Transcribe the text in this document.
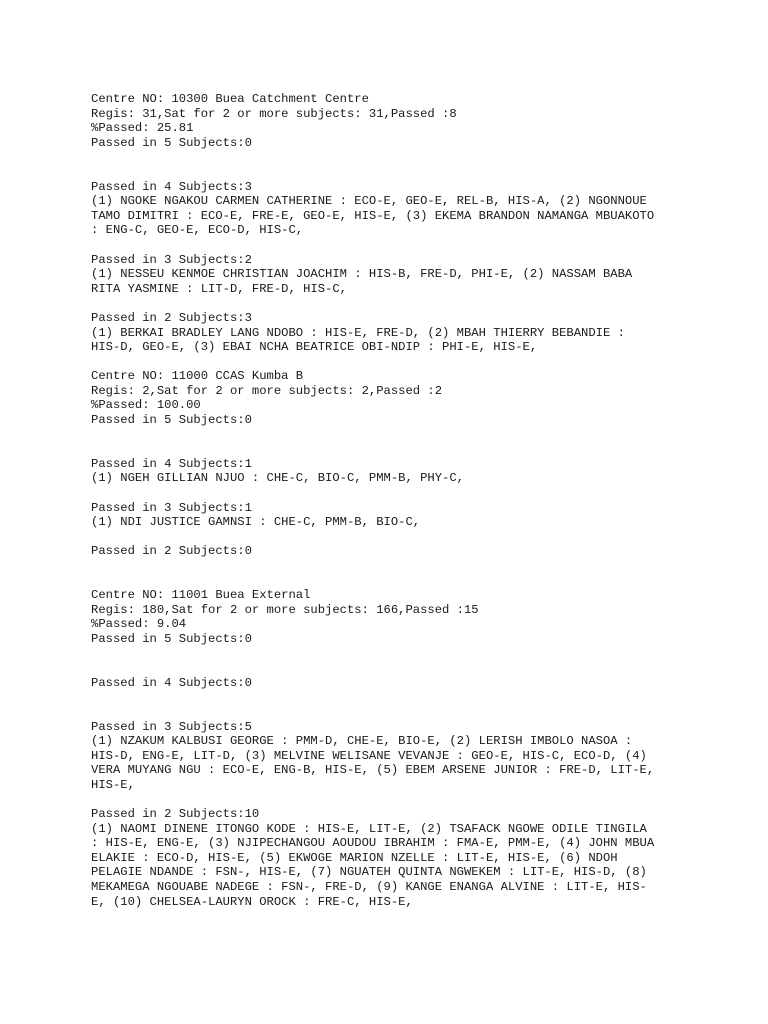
Centre NO: 10300 Buea Catchment Centre
Regis: 31,Sat for 2 or more subjects: 31,Passed :8
%Passed: 25.81
Passed in 5 Subjects:0
Passed in 4 Subjects:3
(1) NGOKE NGAKOU CARMEN CATHERINE : ECO-E, GEO-E, REL-B, HIS-A, (2) NGONNOUE
TAMO DIMITRI : ECO-E, FRE-E, GEO-E, HIS-E, (3) EKEMA BRANDON NAMANGA MBUAKOTO
: ENG-C, GEO-E, ECO-D, HIS-C,
Passed in 3 Subjects:2
(1) NESSEU KENMOE CHRISTIAN JOACHIM : HIS-B, FRE-D, PHI-E, (2) NASSAM BABA
RITA YASMINE : LIT-D, FRE-D, HIS-C,
Passed in 2 Subjects:3
(1) BERKAI BRADLEY LANG NDOBO : HIS-E, FRE-D, (2) MBAH THIERRY BEBANDIE :
HIS-D, GEO-E, (3) EBAI NCHA BEATRICE OBI-NDIP : PHI-E, HIS-E,
Centre NO: 11000 CCAS Kumba B
Regis: 2,Sat for 2 or more subjects: 2,Passed :2
%Passed: 100.00
Passed in 5 Subjects:0
Passed in 4 Subjects:1
(1) NGEH GILLIAN NJUO : CHE-C, BIO-C, PMM-B, PHY-C,
Passed in 3 Subjects:1
(1) NDI JUSTICE GAMNSI : CHE-C, PMM-B, BIO-C,
Passed in 2 Subjects:0
Centre NO: 11001 Buea External
Regis: 180,Sat for 2 or more subjects: 166,Passed :15
%Passed: 9.04
Passed in 5 Subjects:0
Passed in 4 Subjects:0
Passed in 3 Subjects:5
(1) NZAKUM KALBUSI GEORGE : PMM-D, CHE-E, BIO-E, (2) LERISH IMBOLO NASOA :
HIS-D, ENG-E, LIT-D, (3) MELVINE WELISANE VEVANJE : GEO-E, HIS-C, ECO-D, (4)
VERA MUYANG NGU : ECO-E, ENG-B, HIS-E, (5) EBEM ARSENE JUNIOR : FRE-D, LIT-E,
HIS-E,
Passed in 2 Subjects:10
(1) NAOMI DINENE ITONGO KODE : HIS-E, LIT-E, (2) TSAFACK NGOWE ODILE TINGILA
: HIS-E, ENG-E, (3) NJIPECHANGOU AOUDOU IBRAHIM : FMA-E, PMM-E, (4) JOHN MBUA
ELAKIE : ECO-D, HIS-E, (5) EKWOGE MARION NZELLE : LIT-E, HIS-E, (6) NDOH
PELAGIE NDANDE : FSN-, HIS-E, (7) NGUATEH QUINTA NGWEKEM : LIT-E, HIS-D, (8)
MEKAMEGA NGOUABE NADEGE : FSN-, FRE-D, (9) KANGE ENANGA ALVINE : LIT-E, HIS-
E, (10) CHELSEA-LAURYN OROCK : FRE-C, HIS-E,
